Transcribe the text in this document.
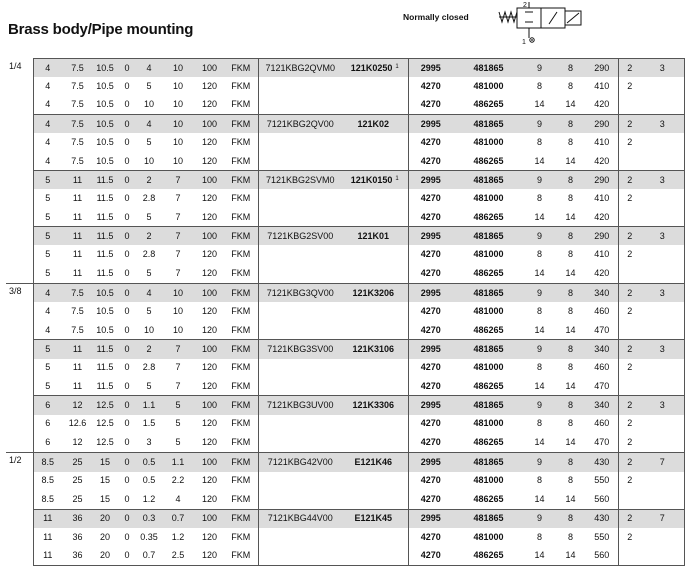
Brass body/Pipe mounting
Normally closed
2
1
1/4	4	7.5	10.5	0	4	10	100	FKM	7121KBG2QVM0	121K0250 $^1$	2995	481865	9	8	290	2	3
	4	7.5	10.5	0	5	10	120	FKM			4270	481000	8	8	410	2	
	4	7.5	10.5	0	10	10	120	FKM			4270	486265	14	14	420		
	4	7.5	10.5	0	4	10	100	FKM	7121KBG2QV00	121K02	2995	481865	9	8	290	2	3
	4	7.5	10.5	0	5	10	120	FKM			4270	481000	8	8	410	2	
	4	7.5	10.5	0	10	10	120	FKM			4270	486265	14	14	420		
	5	11	11.5	0	2	7	100	FKM	7121KBG2SVM0	121K0150 $^1$	2995	481865	9	8	290	2	3
	5	11	11.5	0	2.8	7	120	FKM			4270	481000	8	8	410	2	
	5	11	11.5	0	5	7	120	FKM			4270	486265	14	14	420		
	5	11	11.5	0	2	7	100	FKM	7121KBG2SV00	121K01	2995	481865	9	8	290	2	3
	5	11	11.5	0	2.8	7	120	FKM			4270	481000	8	8	410	2	
	5	11	11.5	0	5	7	120	FKM			4270	486265	14	14	420		
3/8	4	7.5	10.5	0	4	10	100	FKM	7121KBG3QV00	121K3206	2995	481865	9	8	340	2	3
	4	7.5	10.5	0	5	10	120	FKM			4270	481000	8	8	460	2	
	4	7.5	10.5	0	10	10	120	FKM			4270	486265	14	14	470		
	5	11	11.5	0	2	7	100	FKM	7121KBG3SV00	121K3106	2995	481865	9	8	340	2	3
	5	11	11.5	0	2.8	7	120	FKM			4270	481000	8	8	460	2	
	5	11	11.5	0	5	7	120	FKM			4270	486265	14	14	470		
	6	12	12.5	0	1.1	5	100	FKM	7121KBG3UV00	121K3306	2995	481865	9	8	340	2	3
	6	12.6	12.5	0	1.5	5	120	FKM			4270	481000	8	8	460	2	
	6	12	12.5	0	3	5	120	FKM			4270	486265	14	14	470	2	
1/2	8.5	25	15	0	0.5	1.1	100	FKM	7121KBG42V00	E121K46	2995	481865	9	8	430	2	7
	8.5	25	15	0	0.5	2.2	120	FKM			4270	481000	8	8	550	2	
	8.5	25	15	0	1.2	4	120	FKM			4270	486265	14	14	560		
	11	36	20	0	0.3	0.7	100	FKM	7121KBG44V00	E121K45	2995	481865	9	8	430	2	7
	11	36	20	0	0.35	1.2	120	FKM			4270	481000	8	8	550	2	
	11	36	20	0	0.7	2.5	120	FKM			4270	486265	14	14	560		
